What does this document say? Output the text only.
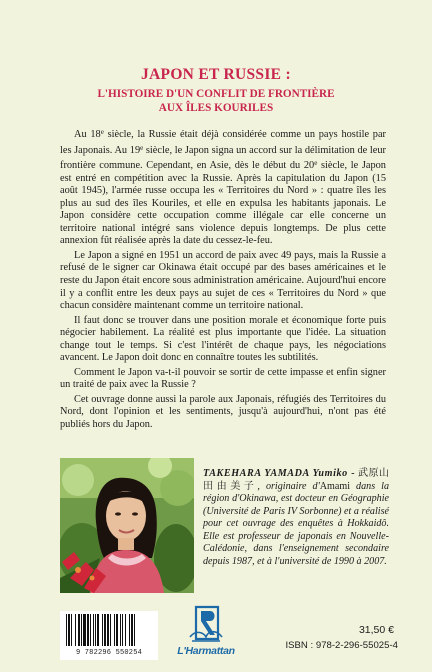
JAPON ET RUSSIE :
L'HISTOIRE D'UN CONFLIT DE FRONTIÈRE
AUX ÎLES KOURILES

Au 18e siècle, la Russie était déjà considérée comme un pays hostile par les Japonais. Au 19e siècle, le Japon signa un accord sur la délimitation de leur frontière commune. Cependant, en Asie, dès le début du 20e siècle, le Japon est entré en compétition avec la Russie. Après la capitulation du Japon (15 août 1945), l'armée russe occupa les « Territoires du Nord » : quatre îles les plus au sud des îles Kouriles, et elle en expulsa les habitants japonais. Le Japon considère cette occupation comme illégale car elle concerne un territoire national intégré sans violence depuis longtemps. De plus cette annexion fût réalisée après la date du cessez-le-feu.

Le Japon a signé en 1951 un accord de paix avec 49 pays, mais la Russie a refusé de le signer car Okinawa était occupé par des bases américaines et le reste du Japon était encore sous administration américaine. Aujourd'hui encore il y a conflit entre les deux pays au sujet de ces « Territoires du Nord » que chacun considère maintenant comme un territoire national.

Il faut donc se trouver dans une position morale et économique forte puis négocier habilement. La réalité est plus importante que l'idée. La situation change tout le temps. Si c'est l'intérêt de chaque pays, les négociations avancent. Le Japon doit donc en connaître toutes les subtilités.

Comment le Japon va-t-il pouvoir se sortir de cette impasse et enfin signer un traité de paix avec la Russie ?

Cet ouvrage donne aussi la parole aux Japonais, réfugiés des Territoires du Nord, dont l'opinion et les sentiments, jusqu'à aujourd'hui, n'ont pas été publiés hors du Japon.

TAKEHARA YAMADA Yumiko - 武原山田由美子, originaire d'Amami dans la région d'Okinawa, est docteur en Géographie (Université de Paris IV Sorbonne) et a réalisé pour cet ouvrage des enquêtes à Hokkaidô. Elle est professeur de japonais en Nouvelle-Calédonie, dans l'enseignement secondaire depuis 1987, et à l'université de 1990 à 2007.
9 782296 550254	L'Harmattan
31,50 €
ISBN : 978-2-296-55025-4
